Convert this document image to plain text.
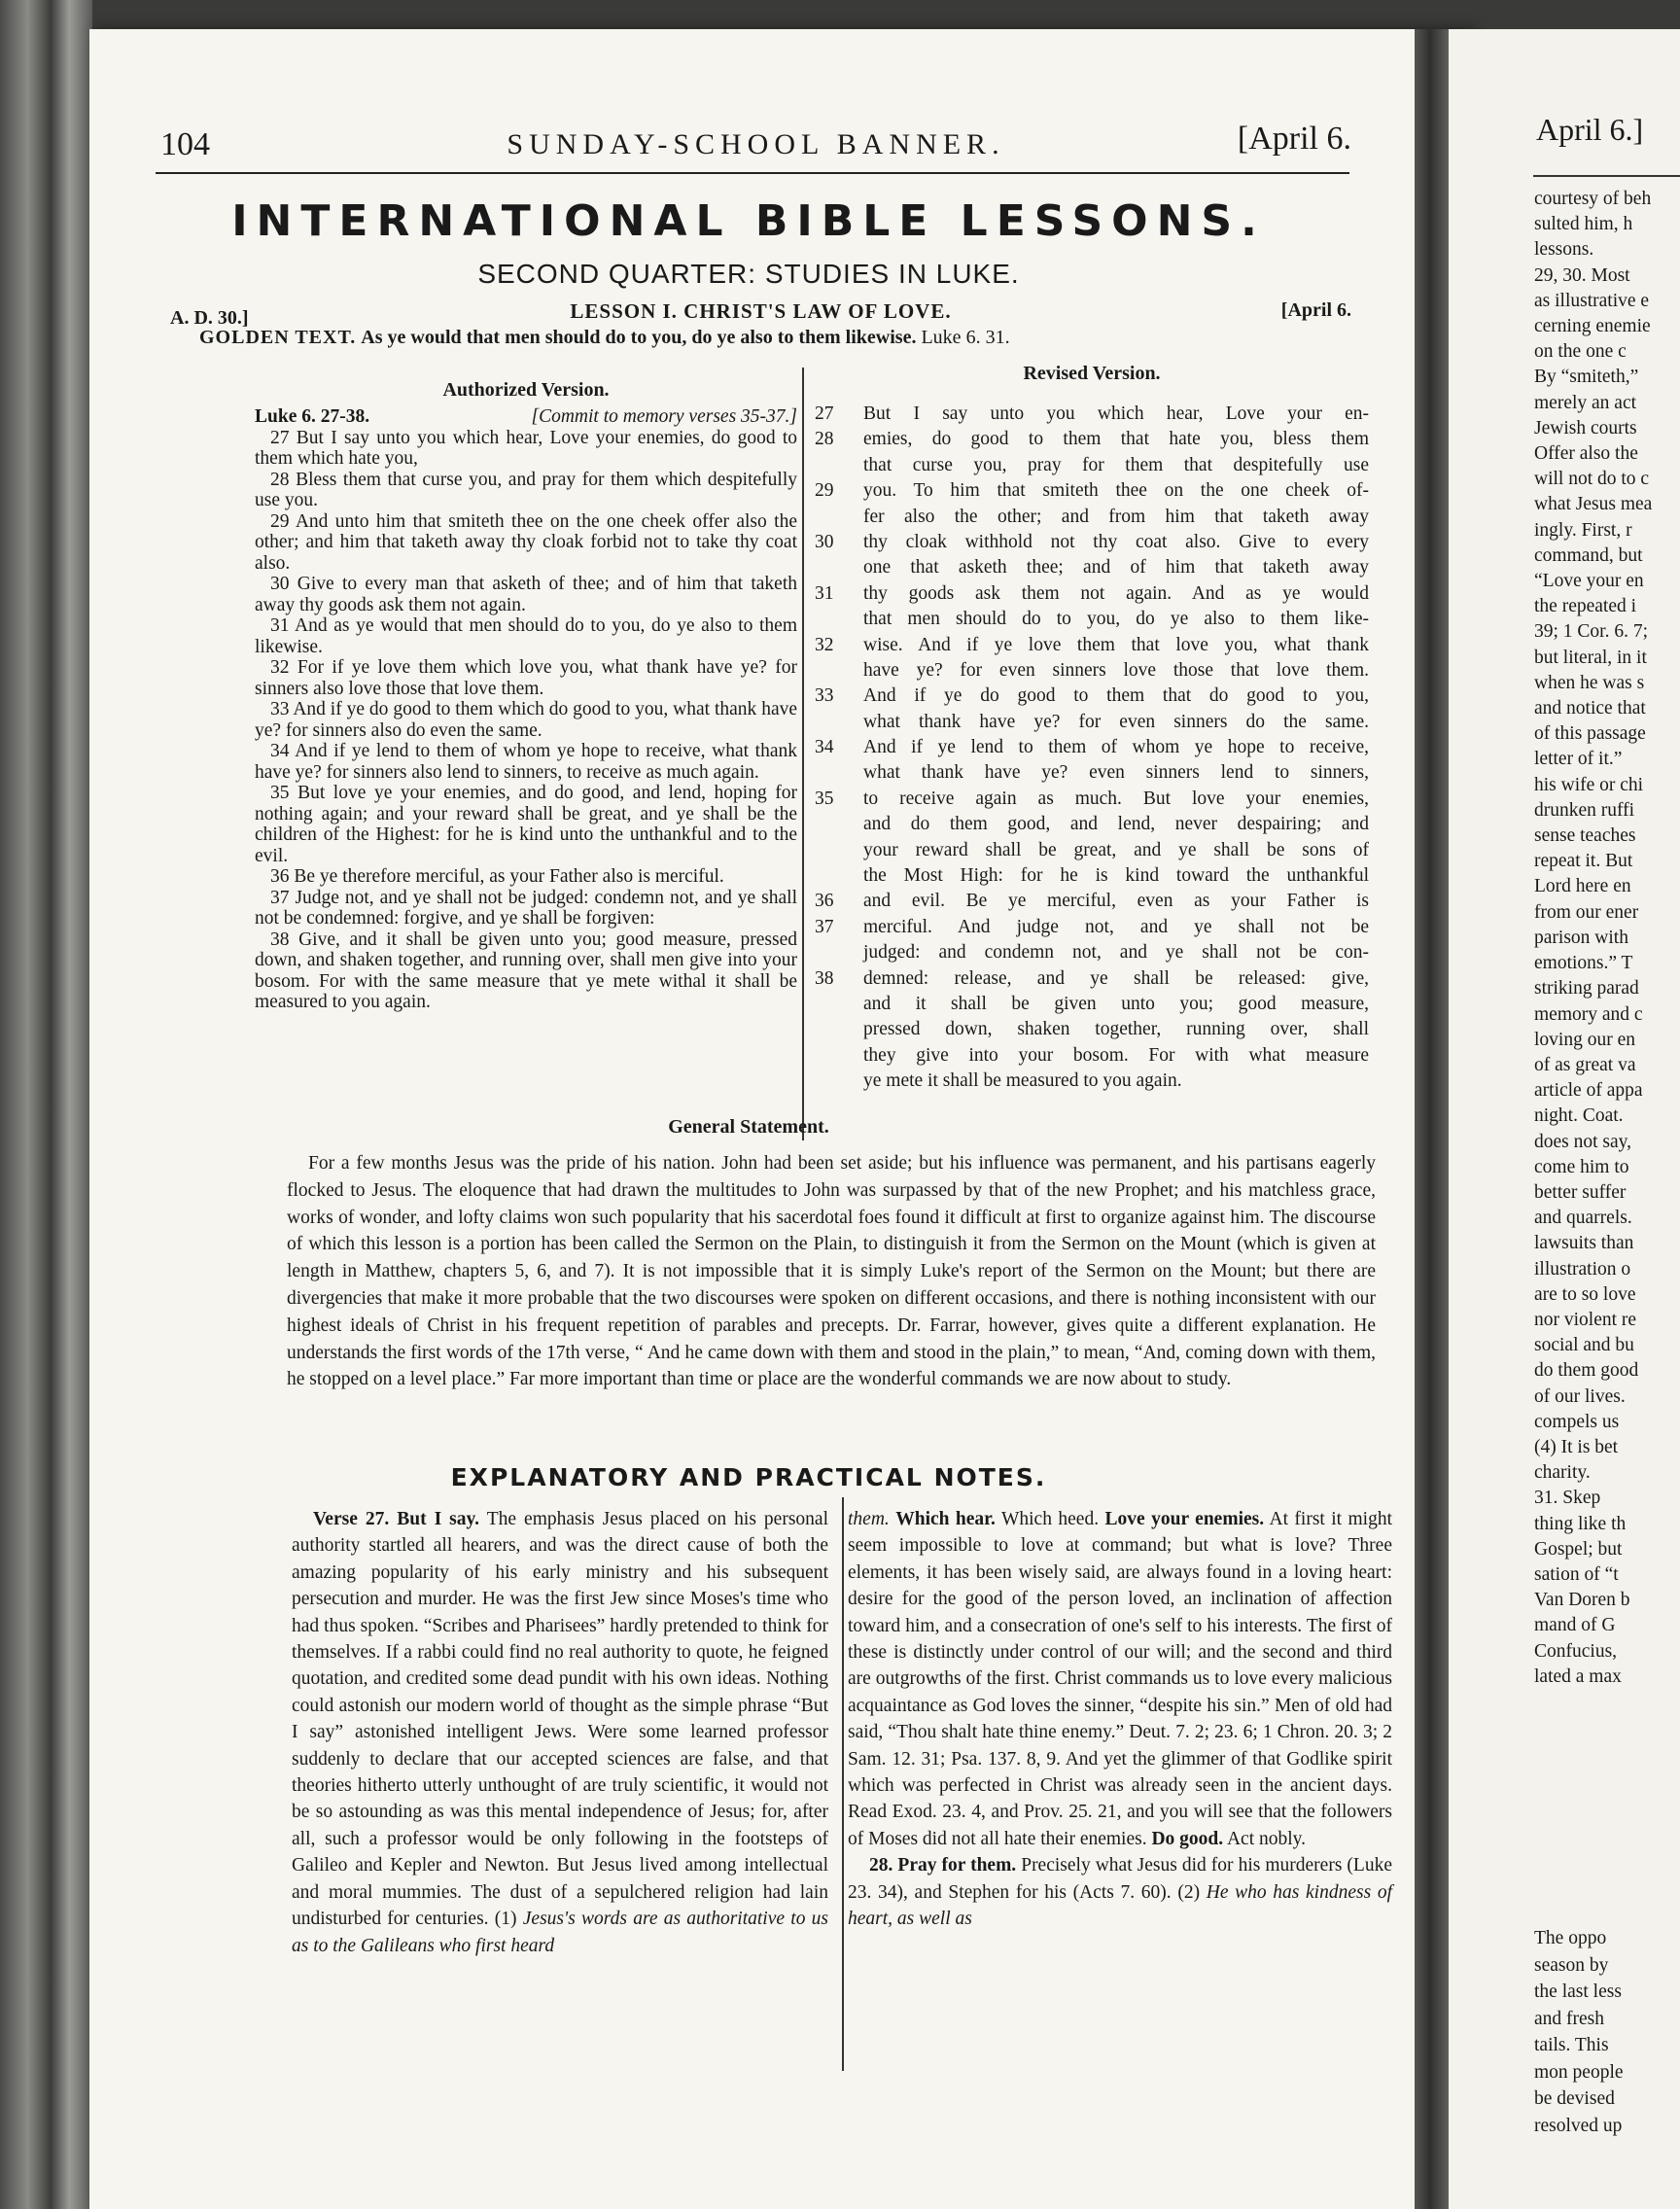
104	SUNDAY-SCHOOL BANNER.	[April 6.
INTERNATIONAL BIBLE LESSONS.
SECOND QUARTER: STUDIES IN LUKE.
A. D. 30.]	LESSON I. CHRIST'S LAW OF LOVE.	[April 6.
GOLDEN TEXT. As ye would that men should do to you, do ye also to them likewise. Luke 6. 31.
Authorized Version.
Revised Version.
Luke 6. 27-38.	[Commit to memory verses 35-37.]

27 But I say unto you which hear, Love your enemies, do good to them which hate you,

28 Bless them that curse you, and pray for them which despitefully use you.

29 And unto him that smiteth thee on the one cheek offer also the other; and him that taketh away thy cloak forbid not to take thy coat also.

30 Give to every man that asketh of thee; and of him that taketh away thy goods ask them not again.

31 And as ye would that men should do to you, do ye also to them likewise.

32 For if ye love them which love you, what thank have ye? for sinners also love those that love them.

33 And if ye do good to them which do good to you, what thank have ye? for sinners also do even the same.

34 And if ye lend to them of whom ye hope to receive, what thank have ye? for sinners also lend to sinners, to receive as much again.

35 But love ye your enemies, and do good, and lend, hoping for nothing again; and your reward shall be great, and ye shall be the children of the Highest: for he is kind unto the unthankful and to the evil.

36 Be ye therefore merciful, as your Father also is merciful.

37 Judge not, and ye shall not be judged: condemn not, and ye shall not be condemned: forgive, and ye shall be forgiven:

38 Give, and it shall be given unto you; good measure, pressed down, and shaken together, and running over, shall men give into your bosom. For with the same measure that ye mete withal it shall be measured to you again.

27	But I say unto you which hear, Love your en-
28	emies, do good to them that hate you, bless them
that curse you, pray for them that despitefully use
29	you. To him that smiteth thee on the one cheek of-
fer also the other; and from him that taketh away
30	thy cloak withhold not thy coat also. Give to every
one that asketh thee; and of him that taketh away
31	thy goods ask them not again. And as ye would
that men should do to you, do ye also to them like-
32	wise. And if ye love them that love you, what thank
have ye? for even sinners love those that love them.
33	And if ye do good to them that do good to you,
what thank have ye? for even sinners do the same.
34	And if ye lend to them of whom ye hope to receive,
what thank have ye? even sinners lend to sinners,
35	to receive again as much. But love your enemies,
and do them good, and lend, never despairing; and
your reward shall be great, and ye shall be sons of
the Most High: for he is kind toward the unthankful
36	and evil. Be ye merciful, even as your Father is
37	merciful. And judge not, and ye shall not be
judged: and condemn not, and ye shall not be con-
38	demned: release, and ye shall be released: give,
and it shall be given unto you; good measure,
pressed down, shaken together, running over, shall
they give into your bosom. For with what measure
ye mete it shall be measured to you again.
General Statement.
For a few months Jesus was the pride of his nation. John had been set aside; but his influence was permanent, and his partisans eagerly flocked to Jesus. The eloquence that had drawn the multitudes to John was surpassed by that of the new Prophet; and his matchless grace, works of wonder, and lofty claims won such popularity that his sacerdotal foes found it difficult at first to organize against him. The discourse of which this lesson is a portion has been called the Sermon on the Plain, to distinguish it from the Sermon on the Mount (which is given at length in Matthew, chapters 5, 6, and 7). It is not impossible that it is simply Luke's report of the Sermon on the Mount; but there are divergencies that make it more probable that the two discourses were spoken on different occasions, and there is nothing inconsistent with our highest ideals of Christ in his frequent repetition of parables and precepts. Dr. Farrar, however, gives quite a different explanation. He understands the first words of the 17th verse, “ And he came down with them and stood in the plain,” to mean, “And, coming down with them, he stopped on a level place.” Far more important than time or place are the wonderful commands we are now about to study.
EXPLANATORY AND PRACTICAL NOTES.

Verse 27. But I say. The emphasis Jesus placed on his personal authority startled all hearers, and was the direct cause of both the amazing popularity of his early ministry and his subsequent persecution and murder. He was the first Jew since Moses's time who had thus spoken. “Scribes and Pharisees” hardly pretended to think for themselves. If a rabbi could find no real authority to quote, he feigned quotation, and credited some dead pundit with his own ideas. Nothing could astonish our modern world of thought as the simple phrase “But I say” astonished intelligent Jews. Were some learned professor suddenly to declare that our accepted sciences are false, and that theories hitherto utterly unthought of are truly scientific, it would not be so astounding as was this mental independence of Jesus; for, after all, such a professor would be only following in the footsteps of Galileo and Kepler and Newton. But Jesus lived among intellectual and moral mummies. The dust of a sepulchered religion had lain undisturbed for centuries. (1) Jesus's words are as authoritative to us as to the Galileans who first heard

them. Which hear. Which heed. Love your enemies. At first it might seem impossible to love at command; but what is love? Three elements, it has been wisely said, are always found in a loving heart: desire for the good of the person loved, an inclination of affection toward him, and a consecration of one's self to his interests. The first of these is distinctly under control of our will; and the second and third are outgrowths of the first. Christ commands us to love every malicious acquaintance as God loves the sinner, “despite his sin.” Men of old had said, “Thou shalt hate thine enemy.” Deut. 7. 2; 23. 6; 1 Chron. 20. 3; 2 Sam. 12. 31; Psa. 137. 8, 9. And yet the glimmer of that Godlike spirit which was perfected in Christ was already seen in the ancient days. Read Exod. 23. 4, and Prov. 25. 21, and you will see that the followers of Moses did not all hate their enemies. Do good. Act nobly.

28. Pray for them. Precisely what Jesus did for his murderers (Luke 23. 34), and Stephen for his (Acts 7. 60). (2) He who has kindness of heart, as well as

April 6.]
courtesy of beh
sulted him, h
lessons.
29, 30. Most
as illustrative e
cerning enemie
on the one c
By “smiteth,”
merely an act
Jewish courts
Offer also the
will not do to c
what Jesus mea
ingly. First, r
command, but
“Love your en
the repeated i
39; 1 Cor. 6. 7;
but literal, in it
when he was s
and notice that
of this passage
letter of it.”
his wife or chi
drunken ruffi
sense teaches
repeat it. But
Lord here en
from our ener
parison with
emotions.” T
striking parad
memory and c
loving our en
of as great va
article of appa
night. Coat.
does not say,
come him to
better suffer
and quarrels.
lawsuits than
illustration o
are to so love
nor violent re
social and bu
do them good
of our lives.
compels us
(4) It is bet
charity.
31. Skep
thing like th
Gospel; but
sation of “t
Van Doren b
mand of G
Confucius,
lated a max
The oppo
season by
the last less
and fresh
tails. This
mon people
be devised
resolved up
